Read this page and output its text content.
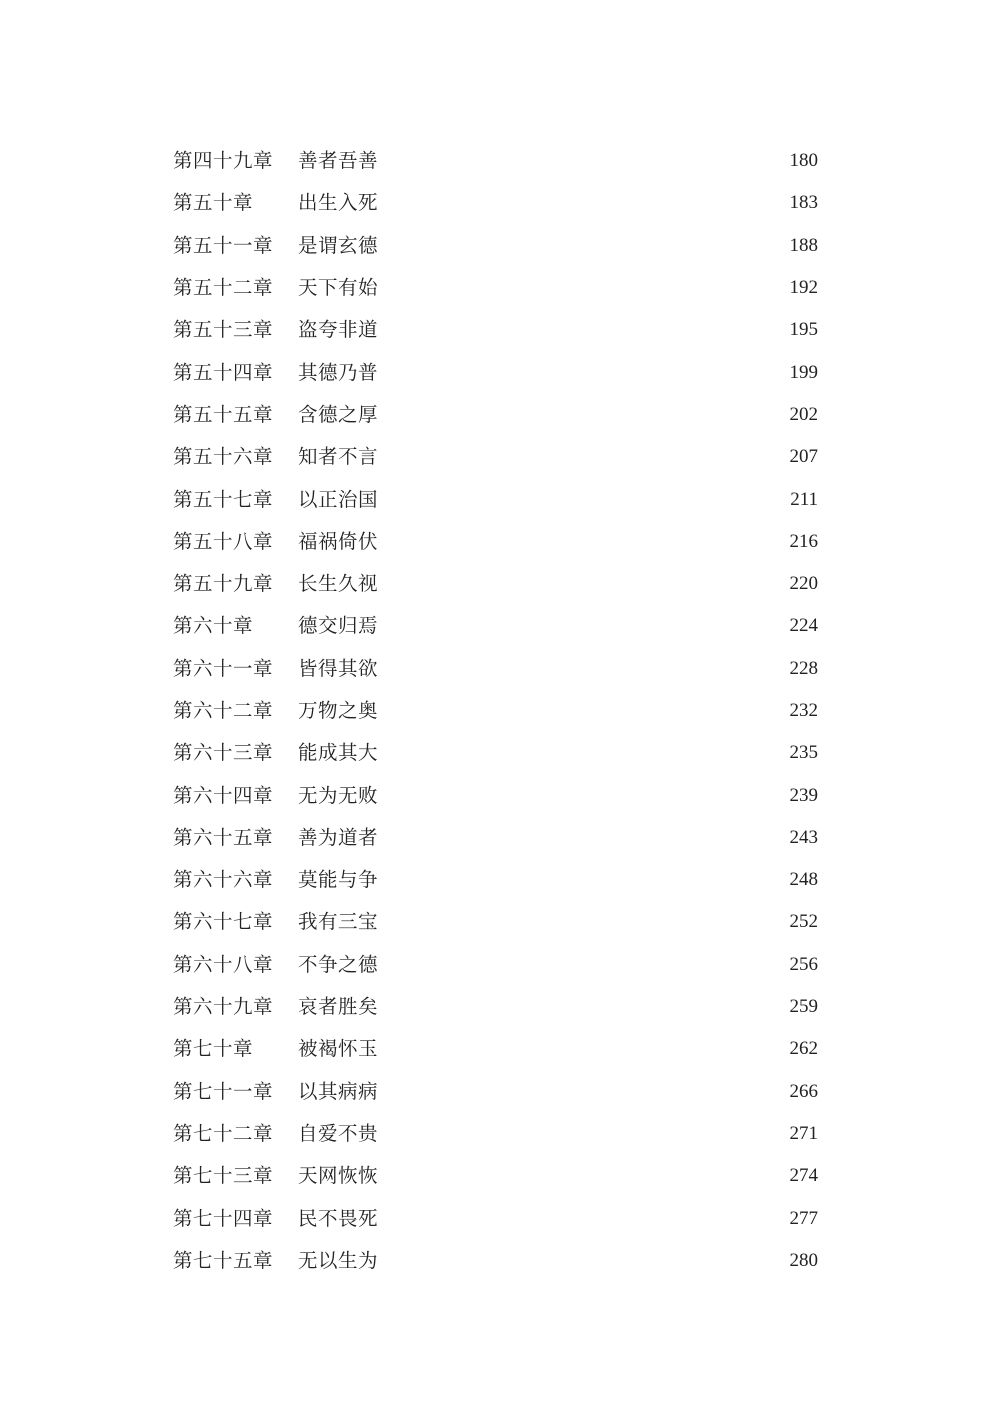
第四十九章	善者吾善	180
第五十章	出生入死	183
第五十一章	是谓玄德	188
第五十二章	天下有始	192
第五十三章	盗夸非道	195
第五十四章	其德乃普	199
第五十五章	含德之厚	202
第五十六章	知者不言	207
第五十七章	以正治国	211
第五十八章	福祸倚伏	216
第五十九章	长生久视	220
第六十章	德交归焉	224
第六十一章	皆得其欲	228
第六十二章	万物之奥	232
第六十三章	能成其大	235
第六十四章	无为无败	239
第六十五章	善为道者	243
第六十六章	莫能与争	248
第六十七章	我有三宝	252
第六十八章	不争之德	256
第六十九章	哀者胜矣	259
第七十章	被褐怀玉	262
第七十一章	以其病病	266
第七十二章	自爱不贵	271
第七十三章	天网恢恢	274
第七十四章	民不畏死	277
第七十五章	无以生为	280
